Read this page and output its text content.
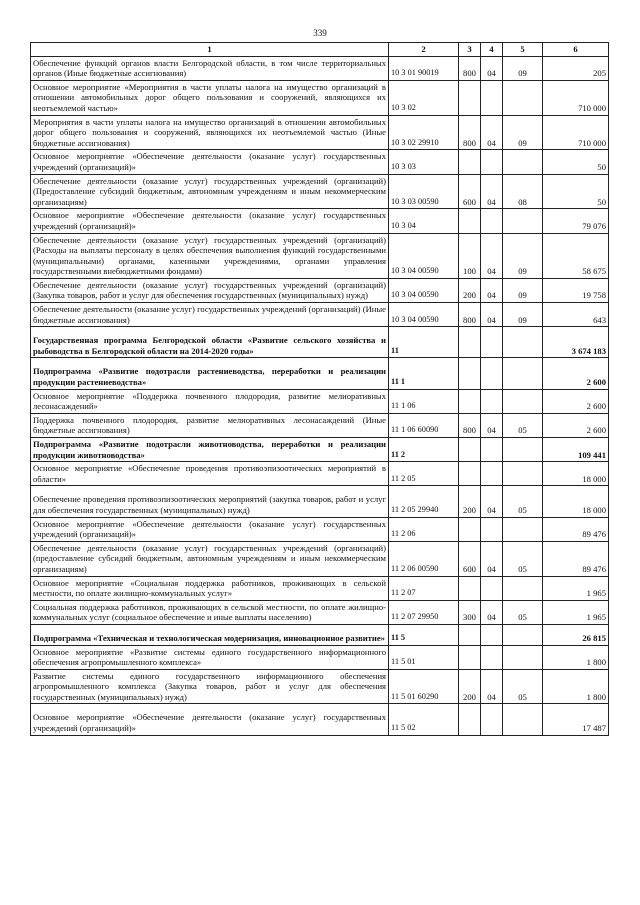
339
1	2	3	4	5	6
Обеспечение функций органов власти Белгородской области, в том числе территориальных органов (Иные бюджетные ассигнования)	10 3 01 90019	800	04	09	205
Основное мероприятие «Мероприятия в части уплаты налога на имущество организаций в отношении автомобильных дорог общего пользования и сооружений, являющихся их неотъемлемой частью»	10 3 02				710 000
Мероприятия в части уплаты налога на имущество организаций в отношении автомобильных дорог общего пользования и сооружений, являющихся их неотъемлемой частью (Иные бюджетные ассигнования)	10 3 02 29910	800	04	09	710 000
Основное мероприятие «Обеспечение деятельности (оказание услуг) государственных учреждений (организаций)»	10 3 03				50
Обеспечение деятельности (оказание услуг) государственных учреждений (организаций) (Предоставление субсидий бюджетным, автономным учреждениям и иным некоммерческим организациям)	10 3 03 00590	600	04	08	50
Основное мероприятие «Обеспечение деятельности (оказание услуг) государственных учреждений (организаций)»	10 3 04				79 076
Обеспечение деятельности (оказание услуг) государственных учреждений (организаций) (Расходы на выплаты персоналу в целях обеспечения выполнения функций государственными (муниципальными) органами, казенными учреждениями, органами управления государственными внебюджетными фондами)	10 3 04 00590	100	04	09	58 675
Обеспечение деятельности (оказание услуг) государственных учреждений (организаций) (Закупка товаров, работ и услуг для обеспечения государственных (муниципальных) нужд)	10 3 04 00590	200	04	09	19 758
Обеспечение деятельности (оказание услуг) государственных учреждений (организаций) (Иные бюджетные ассигнования)	10 3 04 00590	800	04	09	643
Государственная программа Белгородской области «Развитие сельского хозяйства и рыбоводства в Белгородской области на 2014-2020 годы»	11				3 674 183
Подпрограмма «Развитие подотрасли растениеводства, переработки и реализации продукции растениеводства»	11 1				2 600
Основное мероприятие «Поддержка почвенного плодородия, развитие мелиоративных лесонасаждений»	11 1 06				2 600
Поддержка почвенного плодородия, развитие мелиоративных лесонасаждений (Иные бюджетные ассигнования)	11 1 06 60090	800	04	05	2 600
Подпрограмма «Развитие подотрасли животноводства, переработки и реализации продукции животноводства»	11 2				109 441
Основное мероприятие «Обеспечение проведения противоэпизоотических мероприятий в области»	11 2 05				18 000
Обеспечение проведения противоэпизоотических мероприятий (закупка товаров, работ и услуг для обеспечения государственных (муниципальных) нужд)	11 2 05 29940	200	04	05	18 000
Основное мероприятие «Обеспечение деятельности (оказание услуг) государственных учреждений (организаций)»	11 2 06				89 476
Обеспечение деятельности (оказание услуг) государственных учреждений (организаций) (предоставление субсидий бюджетным, автономным учреждениям и иным некоммерческим организациям)	11 2 06 00590	600	04	05	89 476
Основное мероприятие «Социальная поддержка работников, проживающих в сельской местности, по оплате жилищно-коммунальных услуг»	11 2 07				1 965
Социальная поддержка работников, проживающих в сельской местности, по оплате жилищно-коммунальных услуг (социальное обеспечение и иные выплаты населению)	11 2 07 29950	300	04	05	1 965
Подпрограмма «Техническая и технологическая модернизация, инновационное развитие»	11 5				26 815
Основное мероприятие «Развитие системы единого государственного информационного обеспечения агропромышленного комплекса»	11 5 01				1 800
Развитие системы единого государственного информационного обеспечения агропромышленного комплекса (Закупка товаров, работ и услуг для обеспечения государственных (муниципальных) нужд)	11 5 01 60290	200	04	05	1 800
Основное мероприятие «Обеспечение деятельности (оказание услуг) государственных учреждений (организаций)»	11 5 02				17 487
